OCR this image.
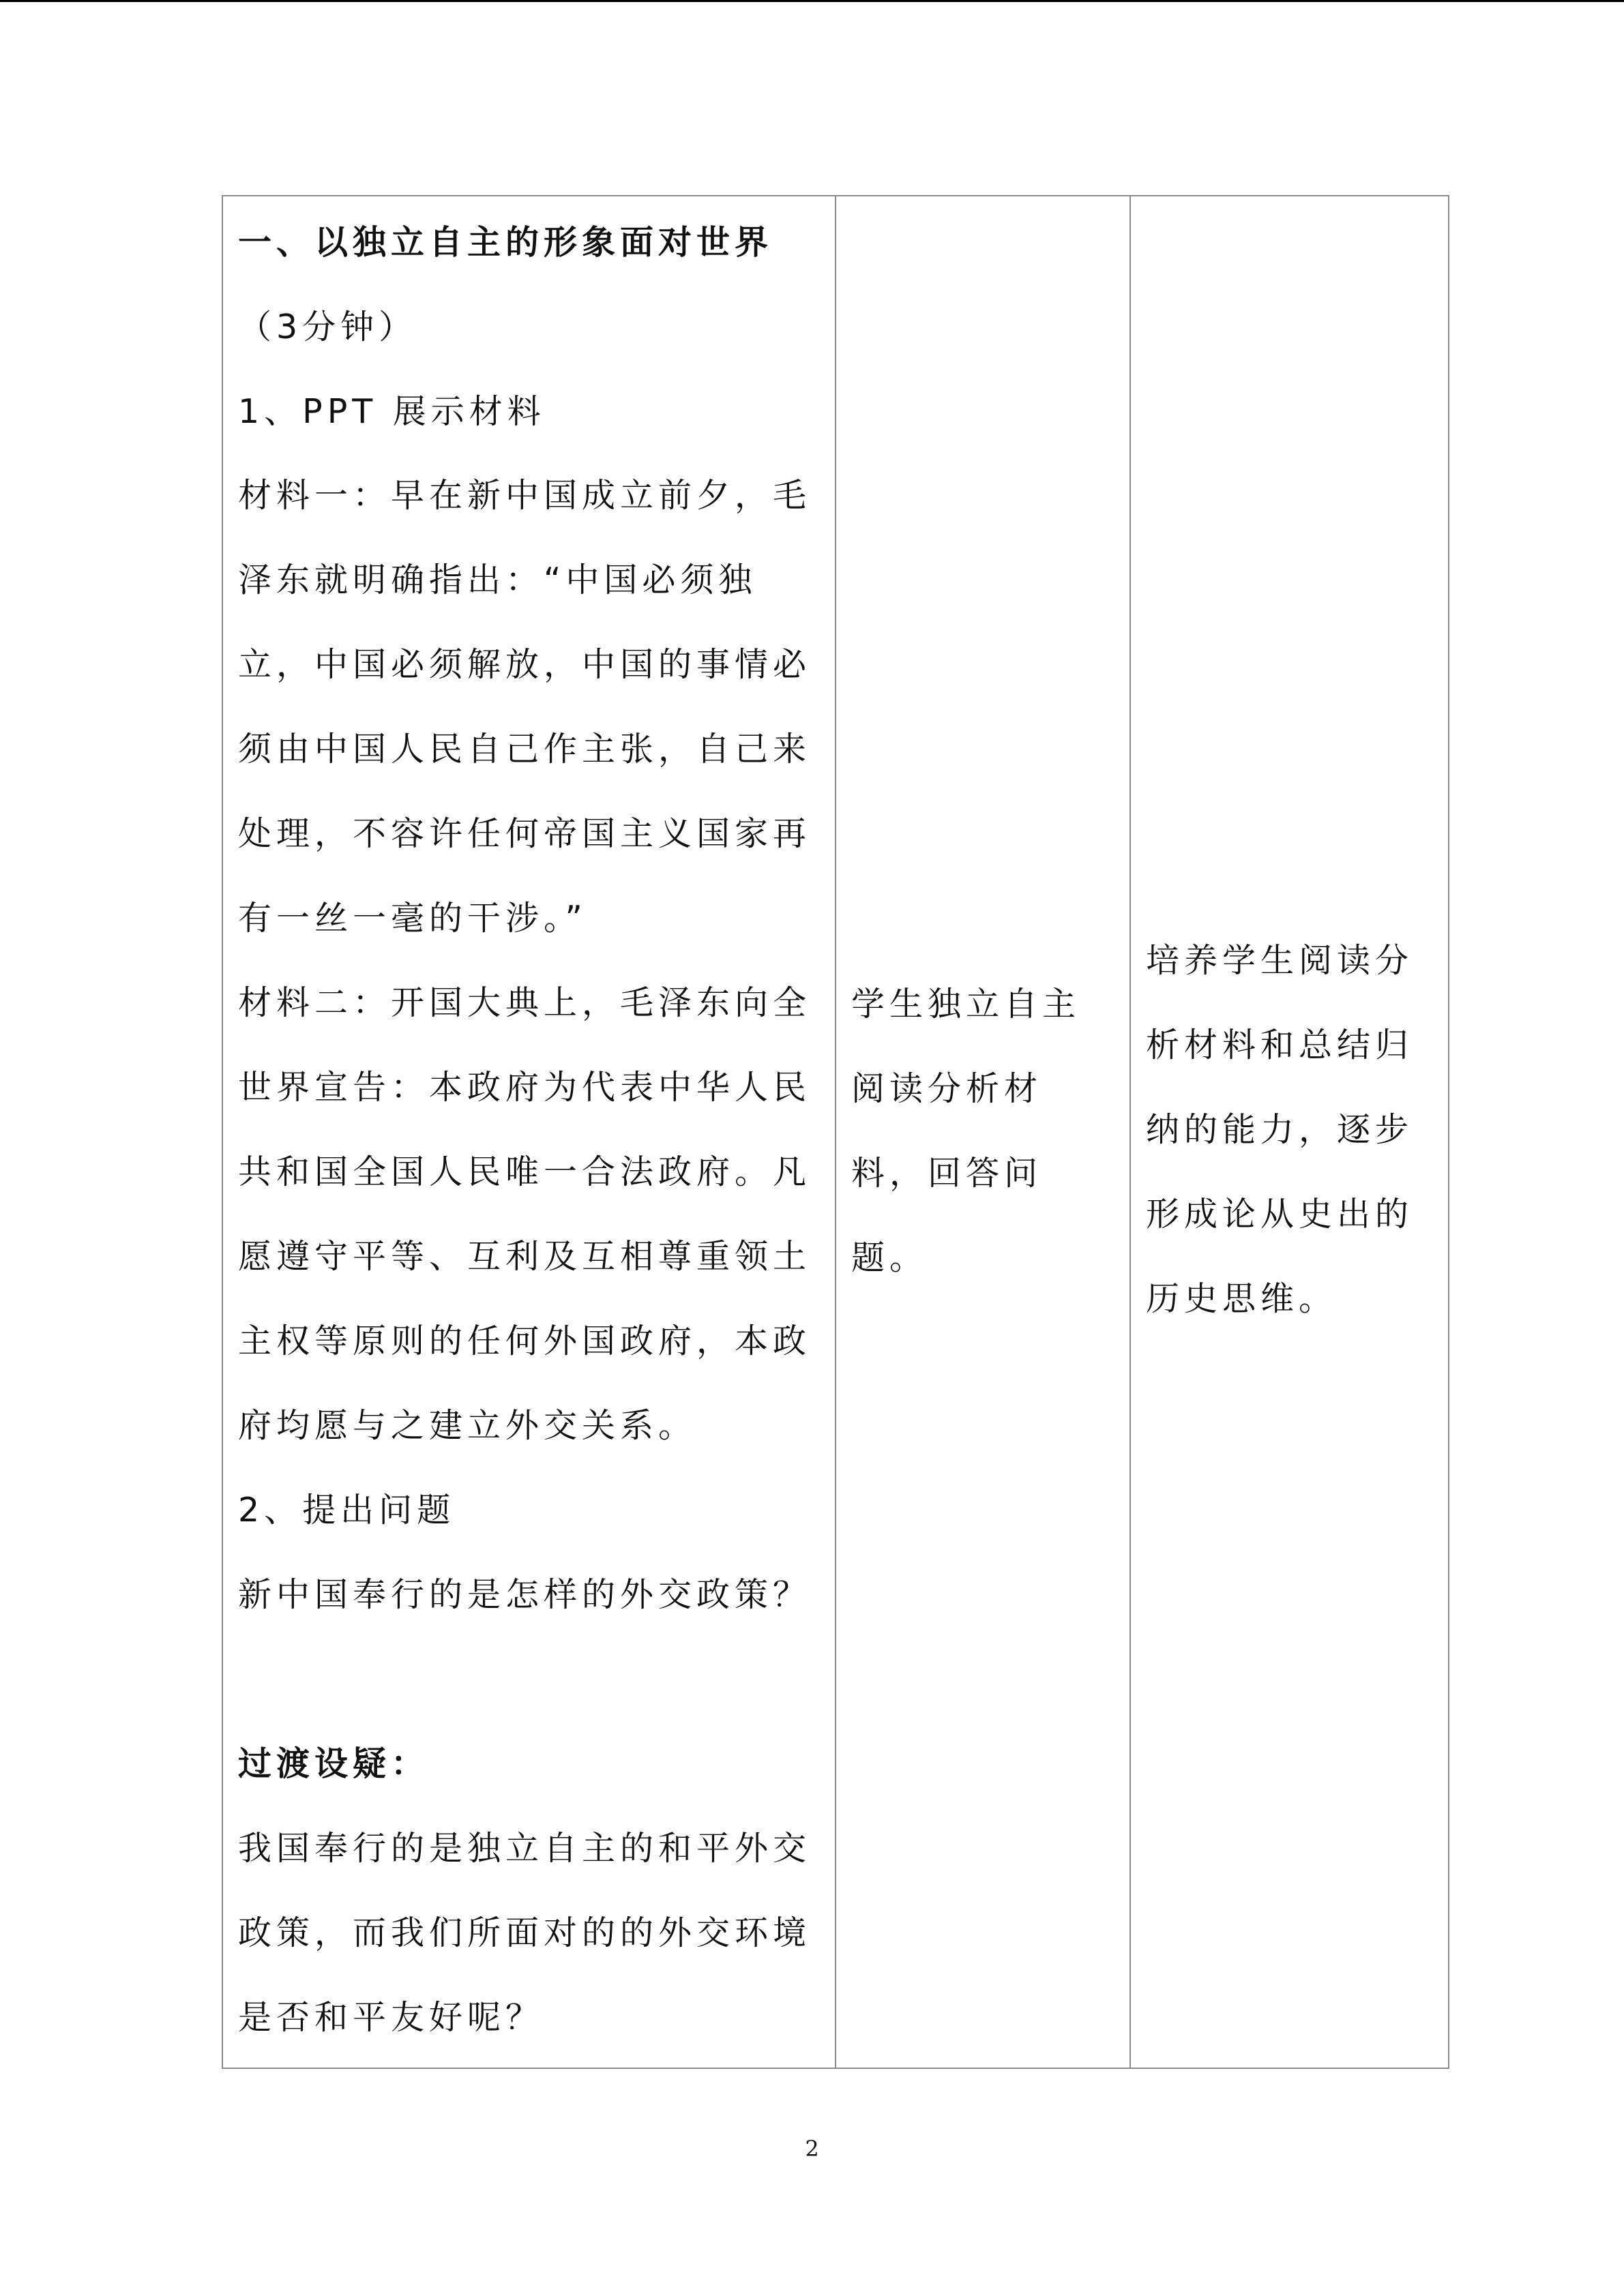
一、以独立自主的形象面对世界
（3分钟）
1、PPT 展示材料
材料一：早在新中国成立前夕，毛
泽东就明确指出：“中国必须独
立，中国必须解放，中国的事情必
须由中国人民自己作主张，自己来
处理，不容许任何帝国主义国家再
有一丝一毫的干涉。”
材料二：开国大典上，毛泽东向全
世界宣告：本政府为代表中华人民
共和国全国人民唯一合法政府。凡
愿遵守平等、互利及互相尊重领土
主权等原则的任何外国政府，本政
府均愿与之建立外交关系。
2、提出问题
新中国奉行的是怎样的外交政策？
过渡设疑：
我国奉行的是独立自主的和平外交
政策，而我们所面对的的外交环境
是否和平友好呢？
学生独立自主
阅读分析材
料，回答问
题。
培养学生阅读分
析材料和总结归
纳的能力，逐步
形成论从史出的
历史思维。
2
